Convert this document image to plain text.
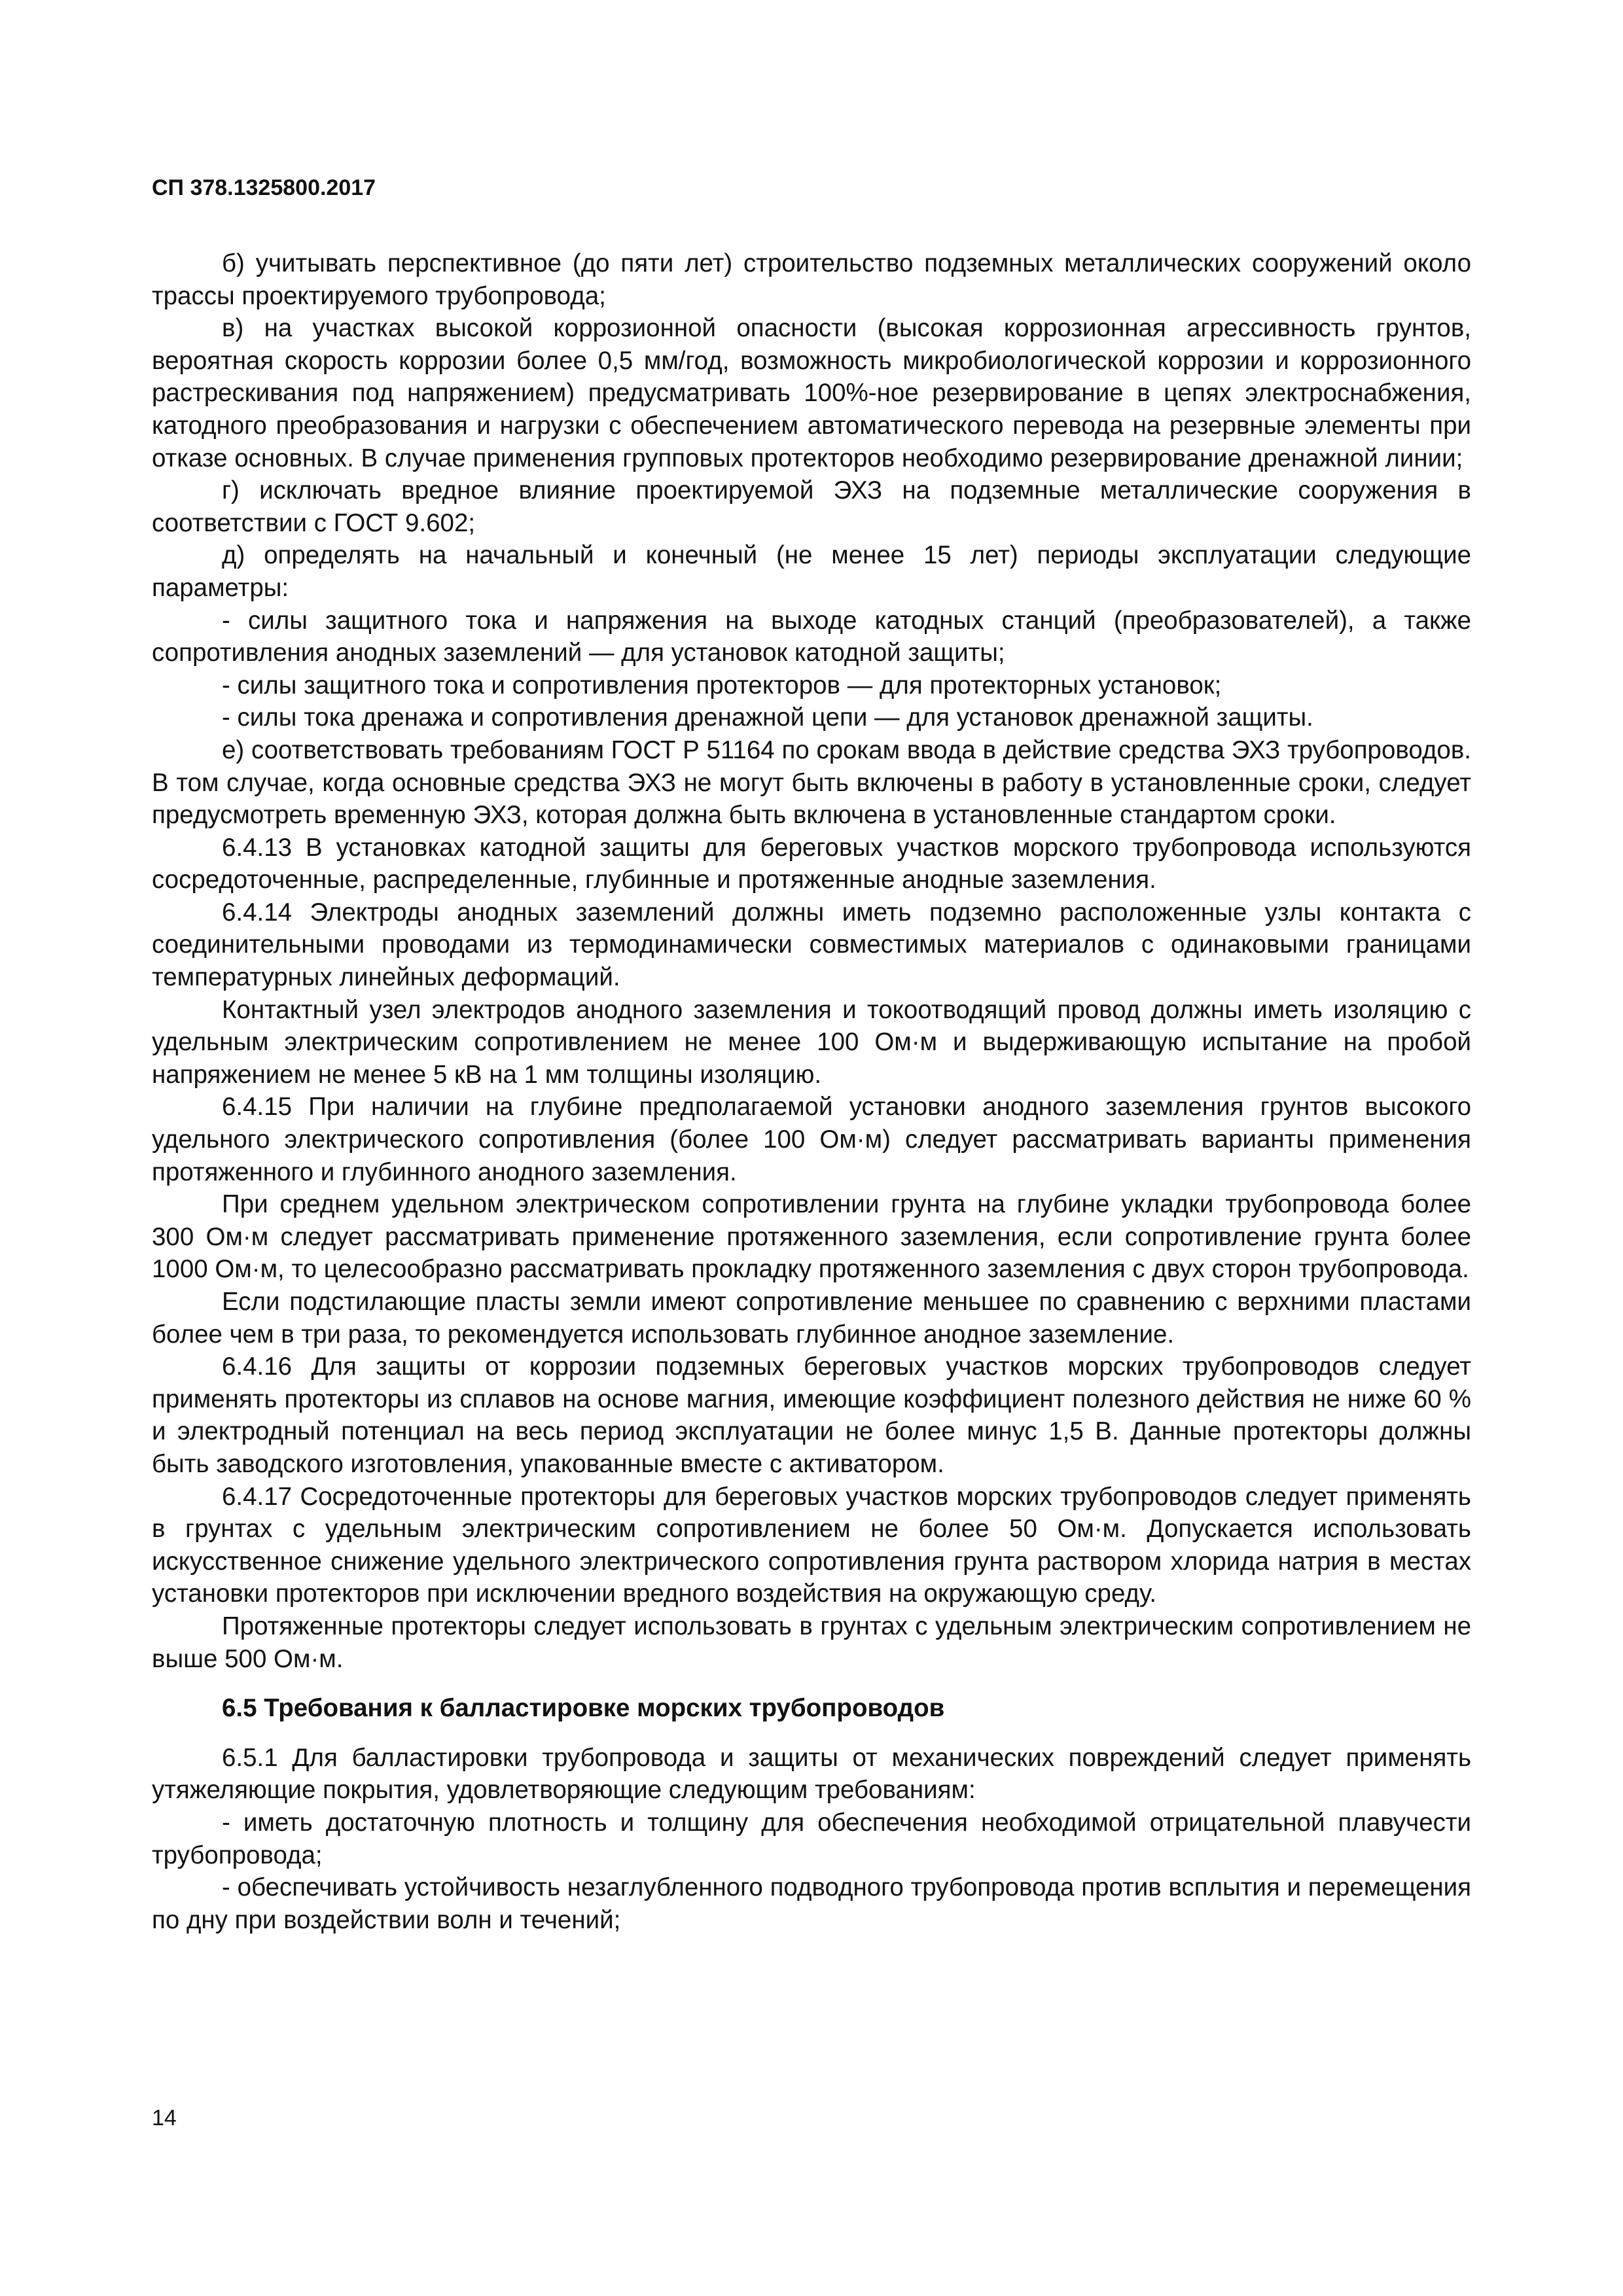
СП 378.1325800.2017

б) учитывать перспективное (до пяти лет) строительство подземных металлических сооружений около трассы проектируемого трубопровода;

в) на участках высокой коррозионной опасности (высокая коррозионная агрессивность грунтов, вероятная скорость коррозии более 0,5 мм/год, возможность микробиологической коррозии и коррозионного растрескивания под напряжением) предусматривать 100%-ное резервирование в цепях электроснабжения, катодного преобразования и нагрузки с обеспечением автоматического перевода на резервные элементы при отказе основных. В случае применения групповых протекторов необходимо резервирование дренажной линии;

г) исключать вредное влияние проектируемой ЭХЗ на подземные металлические сооружения в соответствии с ГОСТ 9.602;

д) определять на начальный и конечный (не менее 15 лет) периоды эксплуатации следующие параметры:

- силы защитного тока и напряжения на выходе катодных станций (преобразователей), а также сопротивления анодных заземлений — для установок катодной защиты;

- силы защитного тока и сопротивления протекторов — для протекторных установок;

- силы тока дренажа и сопротивления дренажной цепи — для установок дренажной защиты.

е) соответствовать требованиям ГОСТ Р 51164 по срокам ввода в действие средства ЭХЗ трубопроводов. В том случае, когда основные средства ЭХЗ не могут быть включены в работу в установленные сроки, следует предусмотреть временную ЭХЗ, которая должна быть включена в установленные стандартом сроки.

6.4.13 В установках катодной защиты для береговых участков морского трубопровода используются сосредоточенные, распределенные, глубинные и протяженные анодные заземления.

6.4.14 Электроды анодных заземлений должны иметь подземно расположенные узлы контакта с соединительными проводами из термодинамически совместимых материалов с одинаковыми границами температурных линейных деформаций.

Контактный узел электродов анодного заземления и токоотводящий провод должны иметь изоляцию с удельным электрическим сопротивлением не менее 100 Ом·м и выдерживающую испытание на пробой напряжением не менее 5 кВ на 1 мм толщины изоляцию.

6.4.15 При наличии на глубине предполагаемой установки анодного заземления грунтов высокого удельного электрического сопротивления (более 100 Ом·м) следует рассматривать варианты применения протяженного и глубинного анодного заземления.

При среднем удельном электрическом сопротивлении грунта на глубине укладки трубопровода более 300 Ом·м следует рассматривать применение протяженного заземления, если сопротивление грунта более 1000 Ом·м, то целесообразно рассматривать прокладку протяженного заземления с двух сторон трубопровода.

Если подстилающие пласты земли имеют сопротивление меньшее по сравнению с верхними пластами более чем в три раза, то рекомендуется использовать глубинное анодное заземление.

6.4.16 Для защиты от коррозии подземных береговых участков морских трубопроводов следует применять протекторы из сплавов на основе магния, имеющие коэффициент полезного действия не ниже 60 % и электродный потенциал на весь период эксплуатации не более минус 1,5 В. Данные протекторы должны быть заводского изготовления, упакованные вместе с активатором.

6.4.17 Сосредоточенные протекторы для береговых участков морских трубопроводов следует применять в грунтах с удельным электрическим сопротивлением не более 50 Ом·м. Допускается использовать искусственное снижение удельного электрического сопротивления грунта раствором хлорида натрия в местах установки протекторов при исключении вредного воздействия на окружающую среду.

Протяженные протекторы следует использовать в грунтах с удельным электрическим сопротивлением не выше 500 Ом·м.

6.5 Требования к балластировке морских трубопроводов

6.5.1 Для балластировки трубопровода и защиты от механических повреждений следует применять утяжеляющие покрытия, удовлетворяющие следующим требованиям:

- иметь достаточную плотность и толщину для обеспечения необходимой отрицательной плавучести трубопровода;

- обеспечивать устойчивость незаглубленного подводного трубопровода против всплытия и перемещения по дну при воздействии волн и течений;

14
